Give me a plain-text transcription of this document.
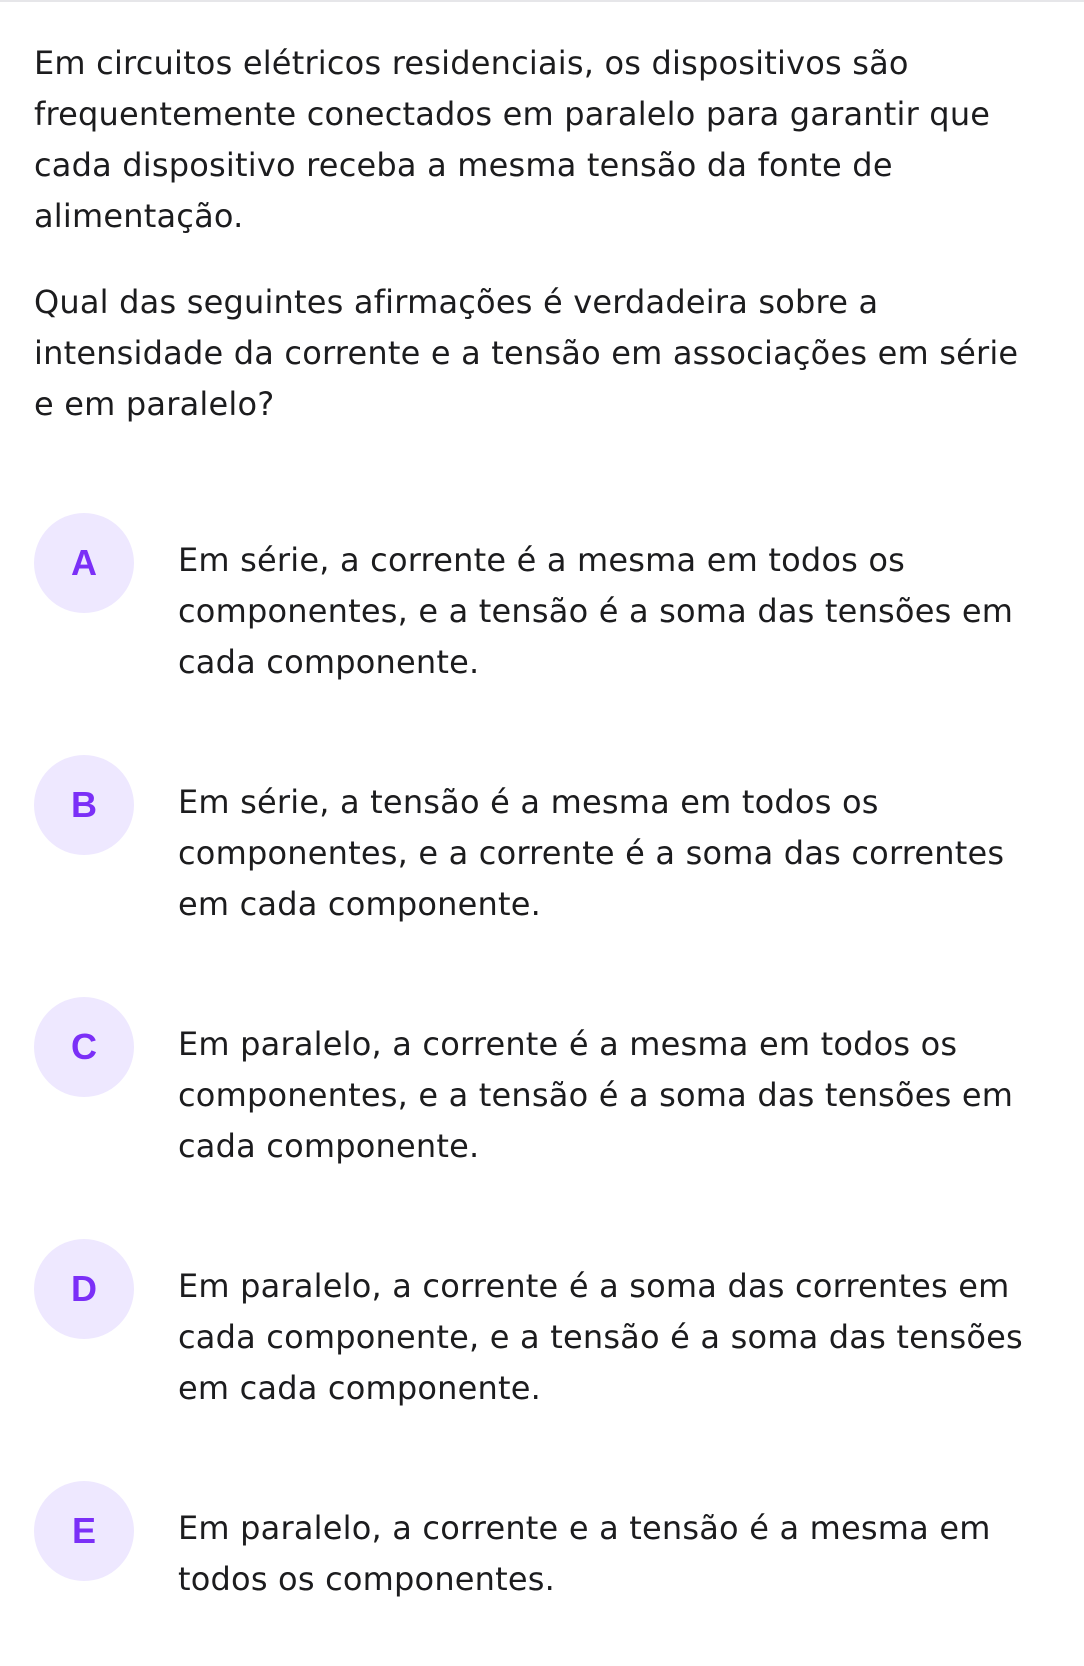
Em circuitos elétricos residenciais, os dispositivos são frequentemente conectados em paralelo para garantir que cada dispositivo receba a mesma tensão da fonte de alimentação.

Qual das seguintes afirmações é verdadeira sobre a intensidade da corrente e a tensão em associações em série e em paralelo?

A	Em série, a corrente é a mesma em todos os componentes, e a tensão é a soma das tensões em cada componente.
B	Em série, a tensão é a mesma em todos os componentes, e a corrente é a soma das correntes em cada componente.
C	Em paralelo, a corrente é a mesma em todos os componentes, e a tensão é a soma das tensões em cada componente.
D	Em paralelo, a corrente é a soma das correntes em cada componente, e a tensão é a soma das tensões em cada componente.
E	Em paralelo, a corrente e a tensão é a mesma em todos os componentes.
